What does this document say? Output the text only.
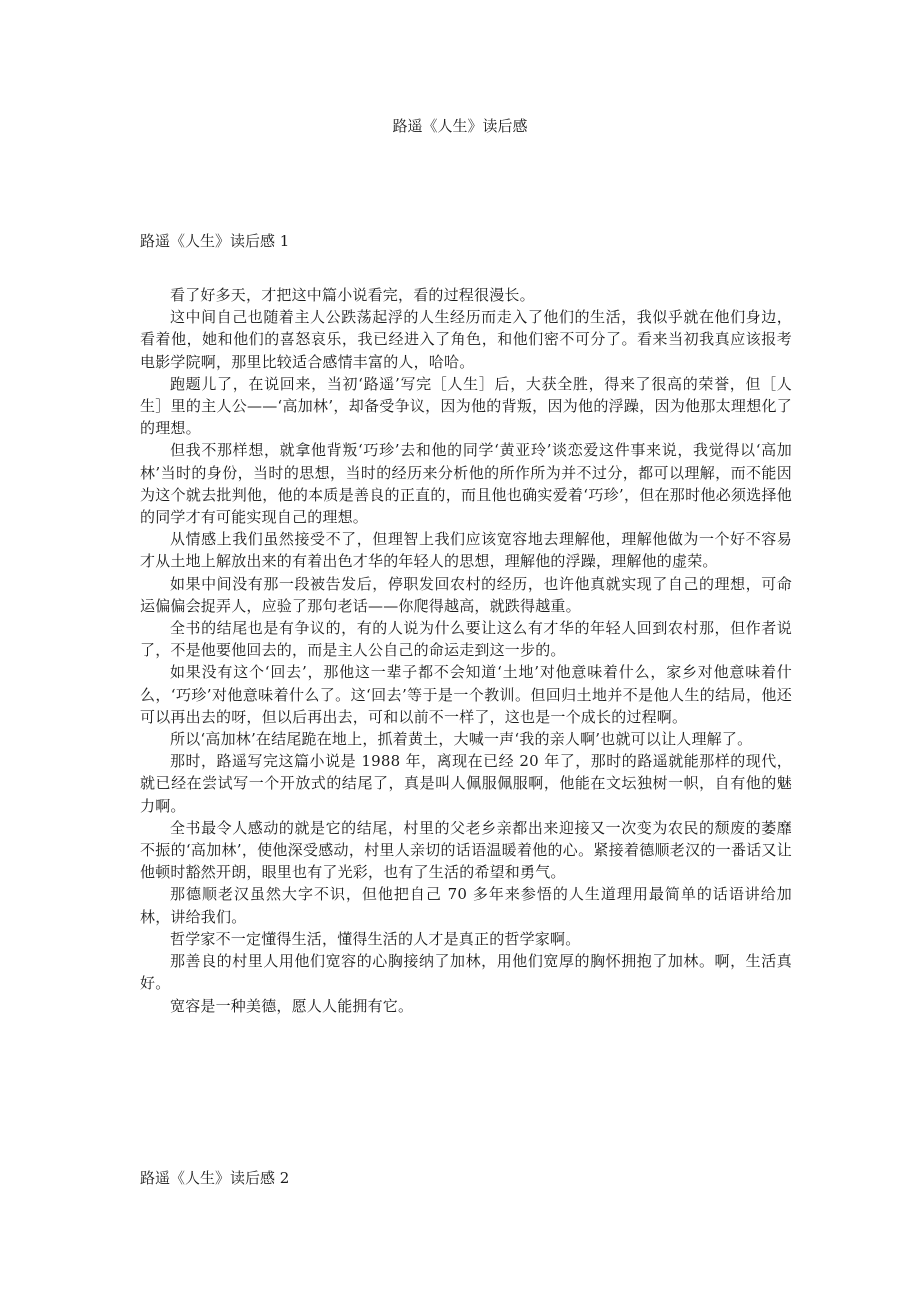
路遥《人生》读后感
路遥《人生》读后感 1

看了好多天，才把这中篇小说看完，看的过程很漫长。

这中间自己也随着主人公跌荡起浮的人生经历而走入了他们的生活，我似乎就在他们身边，看着他，她和他们的喜怒哀乐，我已经进入了角色，和他们密不可分了。看来当初我真应该报考电影学院啊，那里比较适合感情丰富的人，哈哈。

跑题儿了，在说回来，当初‘路遥’写完［人生］后，大获全胜，得来了很高的荣誉，但［人生］里的主人公——‘高加林’，却备受争议，因为他的背叛，因为他的浮躁，因为他那太理想化了的理想。

但我不那样想，就拿他背叛‘巧珍’去和他的同学‘黄亚玲’谈恋爱这件事来说，我觉得以‘高加林’当时的身份，当时的思想，当时的经历来分析他的所作所为并不过分，都可以理解，而不能因为这个就去批判他，他的本质是善良的正直的，而且他也确实爱着‘巧珍’，但在那时他必须选择他的同学才有可能实现自己的理想。

从情感上我们虽然接受不了，但理智上我们应该宽容地去理解他，理解他做为一个好不容易才从土地上解放出来的有着出色才华的年轻人的思想，理解他的浮躁，理解他的虚荣。

如果中间没有那一段被告发后，停职发回农村的经历，也许他真就实现了自己的理想，可命运偏偏会捉弄人，应验了那句老话——你爬得越高，就跌得越重。

全书的结尾也是有争议的，有的人说为什么要让这么有才华的年轻人回到农村那，但作者说了，不是他要他回去的，而是主人公自己的命运走到这一步的。

如果没有这个‘回去’，那他这一辈子都不会知道‘土地’对他意味着什么，家乡对他意味着什么，‘巧珍’对他意味着什么了。这‘回去’等于是一个教训。但回归土地并不是他人生的结局，他还可以再出去的呀，但以后再出去，可和以前不一样了，这也是一个成长的过程啊。

所以‘高加林’在结尾跪在地上，抓着黄土，大喊一声‘我的亲人啊’也就可以让人理解了。

那时，路遥写完这篇小说是 1988 年，离现在已经 20 年了，那时的路遥就能那样的现代，就已经在尝试写一个开放式的结尾了，真是叫人佩服佩服啊，他能在文坛独树一帜，自有他的魅力啊。

全书最令人感动的就是它的结尾，村里的父老乡亲都出来迎接又一次变为农民的颓废的萎靡不振的‘高加林’，使他深受感动，村里人亲切的话语温暖着他的心。紧接着德顺老汉的一番话又让他顿时豁然开朗，眼里也有了光彩，也有了生活的希望和勇气。

那德顺老汉虽然大字不识，但他把自己 70 多年来参悟的人生道理用最简单的话语讲给加林，讲给我们。

哲学家不一定懂得生活，懂得生活的人才是真正的哲学家啊。

那善良的村里人用他们宽容的心胸接纳了加林，用他们宽厚的胸怀拥抱了加林。啊，生活真 好。

宽容是一种美德，愿人人能拥有它。

路遥《人生》读后感 2
